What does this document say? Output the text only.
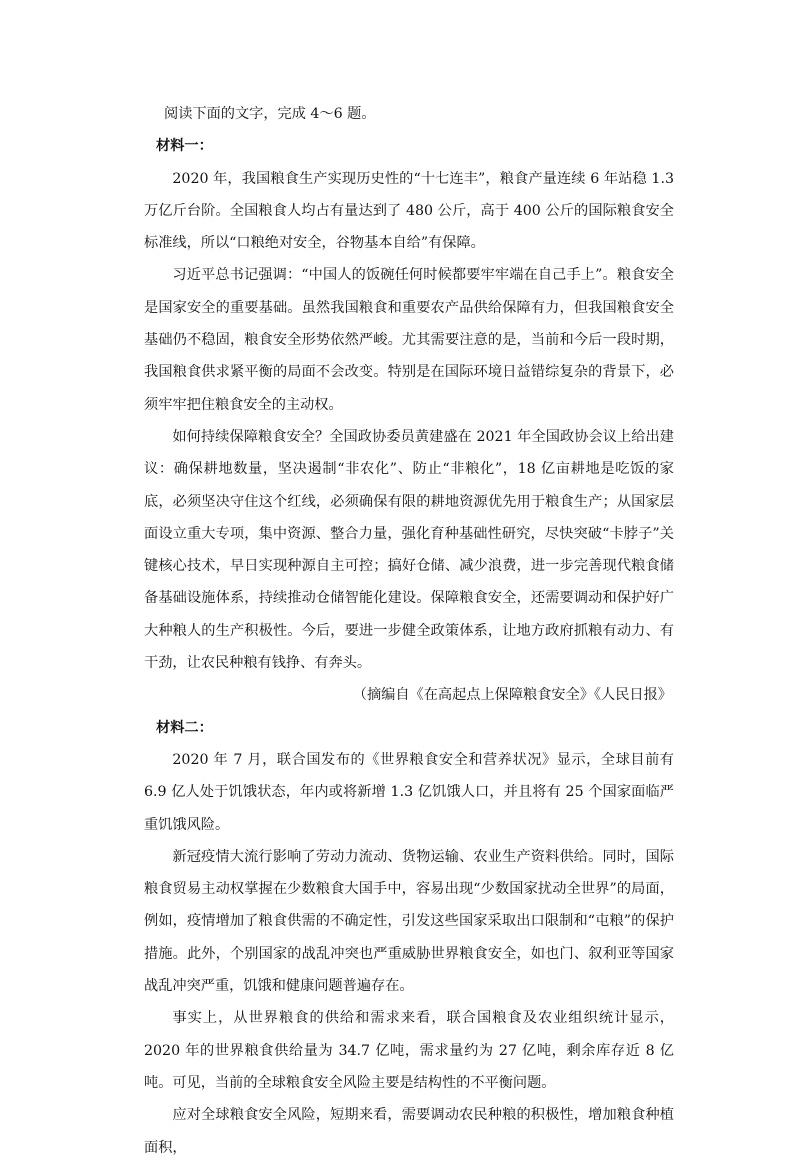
阅读下面的文字，完成 4～6 题。

材料一：

2020 年，我国粮食生产实现历史性的“十七连丰”，粮食产量连续 6 年站稳 1.3 万亿斤台阶。全国粮食人均占有量达到了 480 公斤，高于 400 公斤的国际粮食安全标准线，所以“口粮绝对安全，谷物基本自给”有保障。

习近平总书记强调：“中国人的饭碗任何时候都要牢牢端在自己手上”。粮食安全是国家安全的重要基础。虽然我国粮食和重要农产品供给保障有力，但我国粮食安全基础仍不稳固，粮食安全形势依然严峻。尤其需要注意的是，当前和今后一段时期，我国粮食供求紧平衡的局面不会改变。特别是在国际环境日益错综复杂的背景下，必须牢牢把住粮食安全的主动权。

如何持续保障粮食安全？全国政协委员黄建盛在 2021 年全国政协会议上给出建议：确保耕地数量，坚决遏制“非农化”、防止“非粮化”，18 亿亩耕地是吃饭的家底，必须坚决守住这个红线，必须确保有限的耕地资源优先用于粮食生产；从国家层面设立重大专项，集中资源、整合力量，强化育种基础性研究，尽快突破“卡脖子”关键核心技术，早日实现种源自主可控；搞好仓储、减少浪费，进一步完善现代粮食储备基础设施体系，持续推动仓储智能化建设。保障粮食安全，还需要调动和保护好广大种粮人的生产积极性。今后，要进一步健全政策体系，让地方政府抓粮有动力、有干劲，让农民种粮有钱挣、有奔头。

（摘编自《在高起点上保障粮食安全》《人民日报》

材料二：

2020 年 7 月，联合国发布的《世界粮食安全和营养状况》显示，全球目前有 6.9 亿人处于饥饿状态，年内或将新增 1.3 亿饥饿人口，并且将有 25 个国家面临严重饥饿风险。

新冠疫情大流行影响了劳动力流动、货物运输、农业生产资料供给。同时，国际粮食贸易主动权掌握在少数粮食大国手中，容易出现“少数国家扰动全世界”的局面，例如，疫情增加了粮食供需的不确定性，引发这些国家采取出口限制和“屯粮”的保护措施。此外，个别国家的战乱冲突也严重威胁世界粮食安全，如也门、叙利亚等国家战乱冲突严重，饥饿和健康问题普遍存在。

事实上，从世界粮食的供给和需求来看，联合国粮食及农业组织统计显示，2020 年的世界粮食供给量为 34.7 亿吨，需求量约为 27 亿吨，剩余库存近 8 亿吨。可见，当前的全球粮食安全风险主要是结构性的不平衡问题。

应对全球粮食安全风险，短期来看，需要调动农民种粮的积极性，增加粮食种植面积，
